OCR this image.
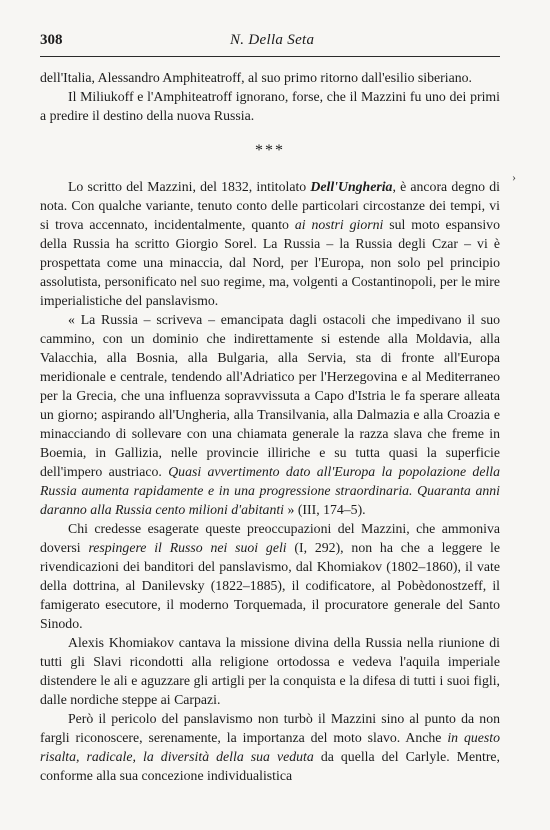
308	N. Della Seta

dell'Italia, Alessandro Amphiteatroff, al suo primo ritorno dall'esilio siberiano.

Il Miliukoff e l'Amphiteatroff ignorano, forse, che il Mazzini fu uno dei primi a predire il destino della nuova Russia.

***

Lo scritto del Mazzini, del 1832, intitolato Dell'Ungheria, è ancora degno di nota. Con qualche variante, tenuto conto delle particolari circostanze dei tempi, vi si trova accennato, incidentalmente, quanto ai nostri giorni sul moto espansivo della Russia ha scritto Giorgio Sorel. La Russia – la Russia degli Czar – vi è prospettata come una minaccia, dal Nord, per l'Europa, non solo pel principio assolutista, personificato nel suo regime, ma, volgenti a Costantinopoli, per le mire imperialistiche del panslavismo.

« La Russia – scriveva – emancipata dagli ostacoli che impedivano il suo cammino, con un dominio che indirettamente si estende alla Moldavia, alla Valacchia, alla Bosnia, alla Bulgaria, alla Servia, sta di fronte all'Europa meridionale e centrale, tendendo all'Adriatico per l'Herzegovina e al Mediterraneo per la Grecia, che una influenza sopravvissuta a Capo d'Istria le fa sperare alleata un giorno; aspirando all'Ungheria, alla Transilvania, alla Dalmazia e alla Croazia e minacciando di sollevare con una chiamata generale la razza slava che freme in Boemia, in Gallizia, nelle provincie illiriche e su tutta quasi la superficie dell'impero austriaco. Quasi avvertimento dato all'Europa la popolazione della Russia aumenta rapidamente e in una progressione straordinaria. Quaranta anni daranno alla Russia cento milioni d'abitanti » (III, 174–5).

Chi credesse esagerate queste preoccupazioni del Mazzini, che ammoniva doversi respingere il Russo nei suoi geli (I, 292), non ha che a leggere le rivendicazioni dei banditori del panslavismo, dal Khomiakov (1802–1860), il vate della dottrina, al Danilevsky (1822–1885), il codificatore, al Pobèdonostzeff, il famigerato esecutore, il moderno Torquemada, il procuratore generale del Santo Sinodo.

Alexis Khomiakov cantava la missione divina della Russia nella riunione di tutti gli Slavi ricondotti alla religione ortodossa e vedeva l'aquila imperiale distendere le ali e aguzzare gli artigli per la conquista e la difesa di tutti i suoi figli, dalle nordiche steppe ai Carpazi.

Però il pericolo del panslavismo non turbò il Mazzini sino al punto da non fargli riconoscere, serenamente, la importanza del moto slavo. Anche in questo risalta, radicale, la diversità della sua veduta da quella del Carlyle. Mentre, conforme alla sua concezione individualistica

›
